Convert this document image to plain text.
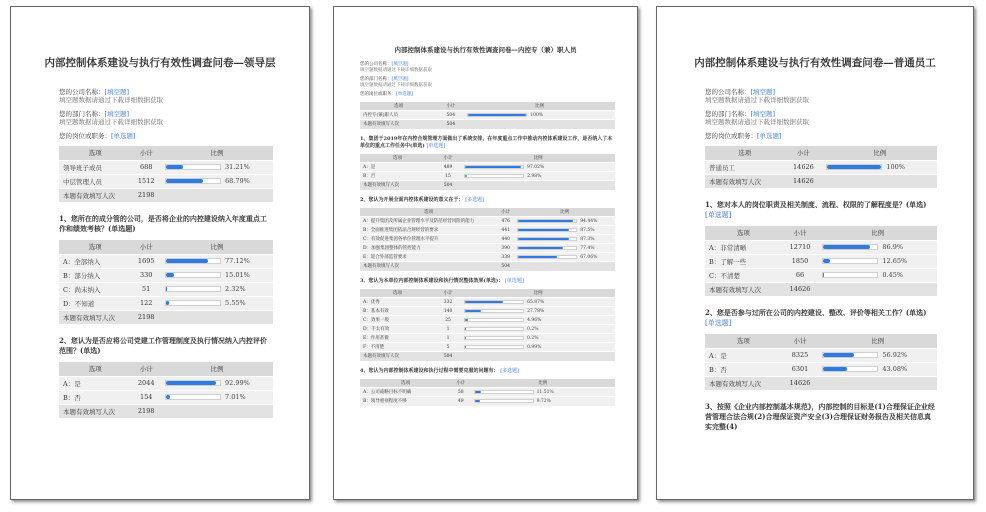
内部控制体系建设与执行有效性调查问卷—领导层
您的公司名称：[填空题]
填空题数据请通过下载详细数据获取
您的部门名称：[填空题]
填空题数据请通过下载详细数据获取
您的岗位或职务：[单选题]
选项	小计	比例
领导班子成员	688	31.21%

中层管理人员	1512	68.79%

本题有效填写人次	2198	
1、您所在的成分管的公司，是否将企业的内控建设纳入年度重点工作和绩效考核？(单选题)
选项	小计	比例
A：全部纳入	1695	77.12%

B：部分纳入	330	15.01%

C：尚未纳入	51	2.32%

D：不知道	122	5.55%

本题有效填写人次	2198	
2、您认为是否应将公司党建工作管理制度及执行情况纳入内控评价范围？(单选)
选项	小计	比例
A：是	2044	92.99%

B：否	154	7.01%

本题有效填写人次	2198	
内部控制体系建设与执行有效性调查问卷—内控专（兼）职人员
您的公司名称：[填空题]
填空题数据请通过下载详细数据获取
您的部门名称：[填空题]
填空题数据请通过下载详细数据获取
您的岗位或职务：[单选题]
选项	小计	比例
内控专(兼)职人员	504	100%

本题有效填写人次	504	
1、集团于2019年在内控合规管理方面做出了系统安排，在年度重点工作中推动内控体系建设工作，是否纳入了本单位的重点工作任务中(单选) [单选题]
选项	小计	比例
A：是	489	97.02%

B：否	15	2.98%

本题有效填写人次	504	
2、您认为开展全面内控体系建设的意义在于： [多选题]
选项	小计	比例
A：提升集团及所属企业管理水平及防范经营风险的能力	476	94.44%

B：全面推进集团依法合规经营的要求	441	87.5%

C：有效促进集团各单位管理水平提升	440	87.3%

D：加强集团整体的管控能力	390	77.4%

E：迎合外部监管要求	338	67.06%

本题有效填写人次	504	
3、您认为本单位内部控制体系建设和执行情况整体效果(单选)： [单选题]
选项	小计	比例
A：优秀	332	65.87%

B：基本有效	140	27.78%

C：效果一般	25	4.96%

D：不太有效	1	0.2%

E：作用甚微	1	0.2%

F：不清楚	5	0.99%

本题有效填写人次	504	
4、您认为内部控制体系建设和执行过程中需要克服的问题有： [多选题]
选项	小计	比例
A：公司战略目标不明确	58	11.51%

B：领导重视程度不够	49	9.72%
内部控制体系建设与执行有效性调查问卷—普通员工
您的公司名称：[填空题]
填空题数据请通过下载详细数据获取
您的部门名称：[填空题]
填空题数据请通过下载详细数据获取
您的岗位或职务：[单选题]
选项	小计	比例
普通员工	14626	100%

本题有效填写人次	14626	
1、您对本人的岗位职责及相关制度、流程、权限的了解程度是？(单选) [单选题]
选项	小计	比例
A：非常清晰	12710	86.9%

B：了解一些	1850	12.65%

C：不清楚	66	0.45%

本题有效填写人次	14626	
2、您是否参与过所在公司的内控建设、整改、评价等相关工作？(单选) [单选题]
选项	小计	比例
A：是	8325	56.92%

B：否	6301	43.08%

本题有效填写人次	14626	
3、按照《企业内部控制基本规范》，内部控制的目标是(1)合理保证企业经营管理合法合规(2)合理保证资产安全(3)合理保证财务报告及相关信息真实完整(4)
